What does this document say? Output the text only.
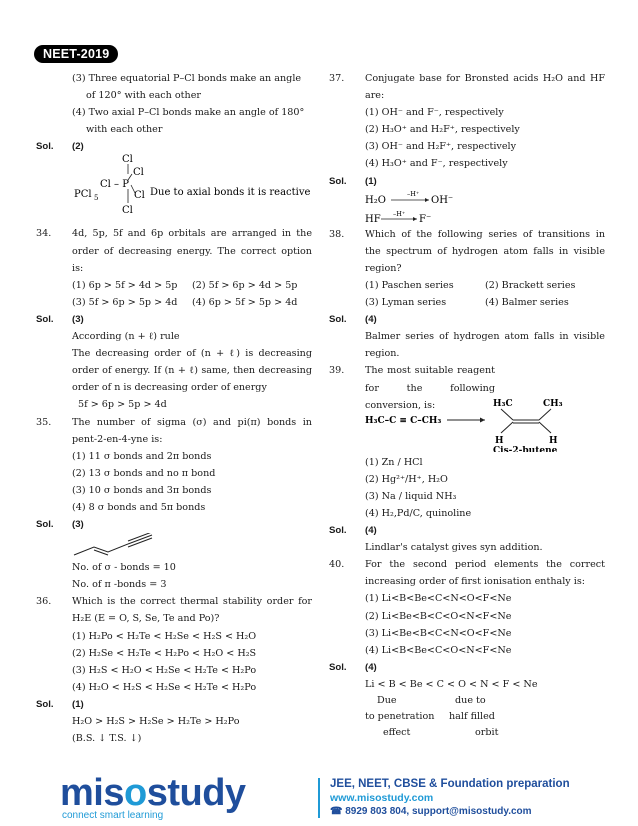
NEET-2019
(3) Three equatorial P–Cl bonds make an angle
of 120° with each other
(4) Two axial P–Cl bonds make an angle of 180°
with each other
Sol.	(2)
Cl
Cl
Cl – P
Cl
Cl
PCl 5	Due to axial bonds it is reactive
34.	4d, 5p, 5f and 6p orbitals are arranged in the order of decreasing energy. The correct option is:
(1) 6p > 5f > 4d > 5p	(2) 5f > 6p > 4d > 5p
(3) 5f > 6p > 5p > 4d	(4) 6p > 5f > 5p > 4d
Sol.	(3)
According (n + ℓ) rule
The decreasing order of (n + ℓ) is decreasing order of energy. If (n + ℓ) same, then decreasing order of n is decreasing order of energy
5f > 6p > 5p > 4d
35.	The number of sigma (σ) and pi(π) bonds in pent-2-en-4-yne is:
(1) 11 σ bonds and 2π bonds
(2) 13 σ bonds and no π bond
(3) 10 σ bonds and 3π bonds
(4) 8 σ bonds and 5π bonds
Sol.	(3)
No. of σ - bonds = 10
No. of π -bonds = 3
36.	Which is the correct thermal stability order for H₂E (E = O, S, Se, Te and Po)?
(1) H₂Po < H₂Te < H₂Se < H₂S < H₂O
(2) H₂Se < H₂Te < H₂Po < H₂O < H₂S
(3) H₂S < H₂O < H₂Se < H₂Te < H₂Po
(4) H₂O < H₂S < H₂Se < H₂Te < H₂Po
Sol.	(1)
H₂O > H₂S > H₂Se > H₂Te > H₂Po
(B.S. ↓ T.S. ↓)
37.	Conjugate base for Bronsted acids H₂O and HF are:
(1) OH⁻ and F⁻, respectively
(2) H₃O⁺ and H₂F⁺, respectively
(3) OH⁻ and H₂F⁺, respectively
(4) H₃O⁺ and F⁻, respectively
Sol.	(1)
H₂O
–H⁺
OH⁻
HF –H⁺ F⁻
38.	Which of the following series of transitions in the spectrum of hydrogen atom falls in visible region?
(1) Paschen series	(2) Brackett series
(3) Lyman series	(4) Balmer series
Sol.	(4)
Balmer series of hydrogen atom falls in visible region.
39.	The most suitable reagent for the following conversion, is:	H₃C	CH₃
H₃C–C ≡ C–CH₃
H	H
Cis-2-butene
(1) Zn / HCl
(2) Hg²⁺/H⁺, H₂O
(3) Na / liquid NH₃
(4) H₂,Pd/C, quinoline
Sol.	(4)
Lindlar's catalyst gives syn addition.
40.	For the second period elements the correct increasing order of first ionisation enthaly is:
(1) Li<B<Be<C<N<O<F<Ne
(2) Li<Be<B<C<O<N<F<Ne
(3) Li<Be<B<C<N<O<F<Ne
(4) Li<B<Be<C<O<N<F<Ne
Sol.	(4)
Li < B < Be < C < O < N < F < Ne
Due	due to
to penetration	half filled
effect	orbit
misostudy
connect smart learning
JEE, NEET, CBSE & Foundation preparation
www.misostudy.com
☎ 8929 803 804, support@misostudy.com
